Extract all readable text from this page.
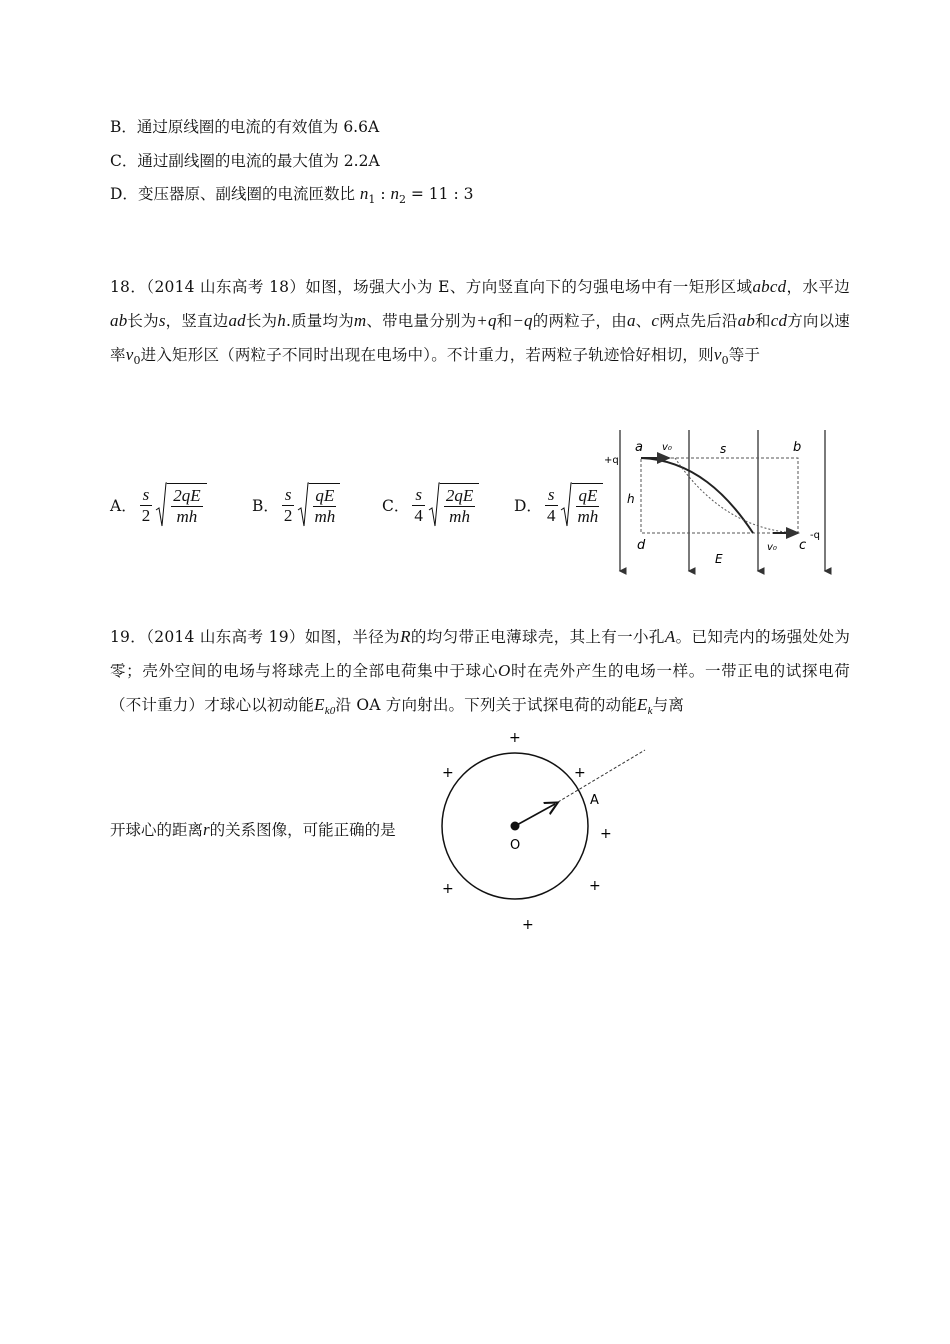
B．通过原线圈的电流的有效值为 6.6A
C．通过副线圈的电流的最大值为 2.2A
D．变压器原、副线圈的电流匝数比 $n_1$ : $n_2 = 11$ : 3
18．（2014 山东高考 18）如图，场强大小为 E、方向竖直向下的匀强电场中有一矩形区域abcd，水平边ab长为s，竖直边ad长为h.质量均为m、带电量分别为+q和−q的两粒子，由a、c两点先后沿ab和cd方向以速率$v_0$进入矩形区（两粒子不同时出现在电场中）。不计重力，若两粒子轨迹恰好相切，则$v_0$等于
A． $\frac{s}{2} \frac{2qE}{mh}$	B． $\frac{s}{2} \frac{qE}{mh}$	C． $\frac{s}{4} \frac{2qE}{mh}$ D． $\frac{s}{4} \frac{qE}{mh}$
a	b
c
d
v₀
v₀
s
h
E
+q
-q
19．（2014 山东高考 19）如图，半径为R的均匀带正电薄球壳，其上有一小孔A。已知壳内的场强处处为零；壳外空间的电场与将球壳上的全部电荷集中于球心O时在壳外产生的电场一样。一带正电的试探电荷（不计重力）才球心以初动能$E_{k0}$沿 OA 方向射出。下列关于试探电荷的动能$E_k$与离
开球心的距离r的关系图像，可能正确的是
O
A
+
+	+
+
+	+
+
